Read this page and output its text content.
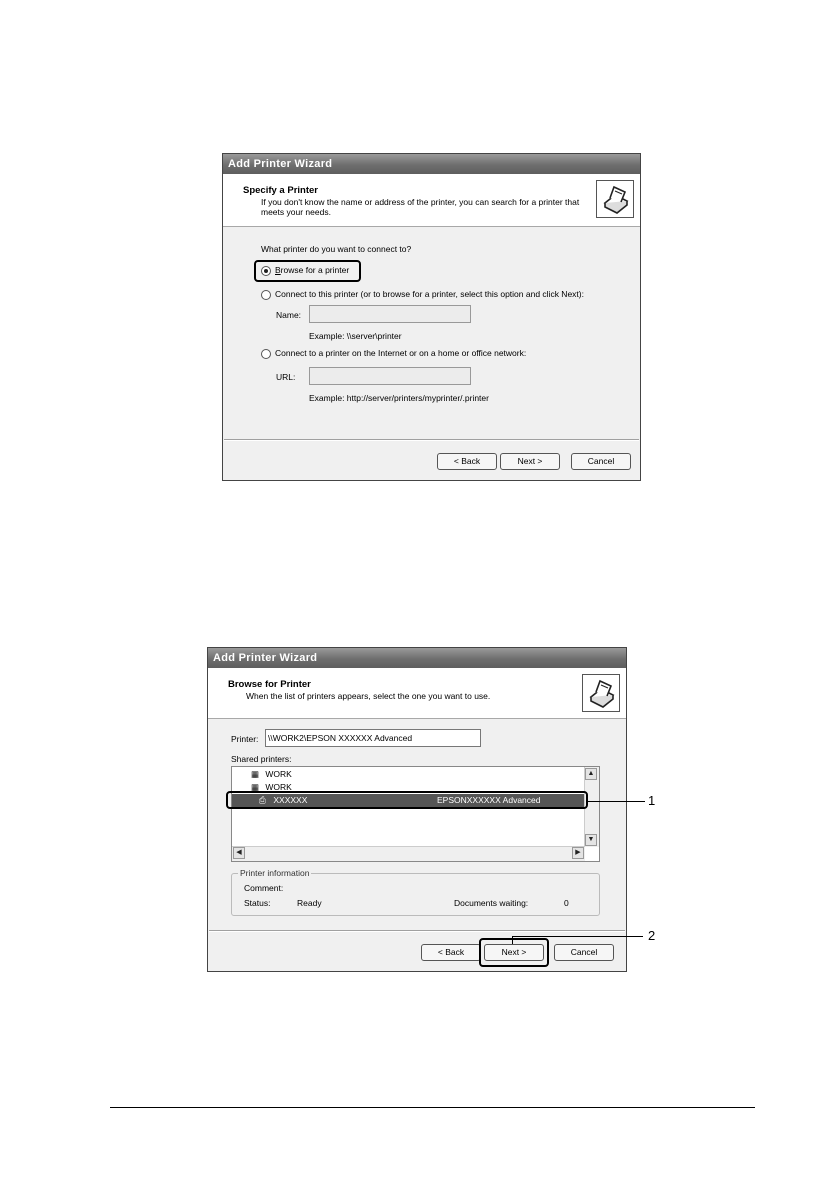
Add Printer Wizard
Specify a Printer
If you don't know the name or address of the printer, you can search for a printer that meets your needs.
What printer do you want to connect to?
Browse for a printer
Connect to this printer (or to browse for a printer, select this option and click Next):
Name:
Example: \\server\printer
Connect to a printer on the Internet or on a home or office network:
URL:
Example: http://server/printers/myprinter/.printer
< Back	Next >	Cancel
Add Printer Wizard
Browse for Printer
When the list of printers appears, select the one you want to use.
Printer:	\\WORK2\EPSON XXXXXX Advanced
Shared printers:
▦ WORK
▦ WORK
⎙ XXXXXX	EPSONXXXXXX Advanced
▲
▼
◀	▶
Printer information
Comment:
Status:	Ready	Documents waiting:	0
< Back	Next >	Cancel
1
2
